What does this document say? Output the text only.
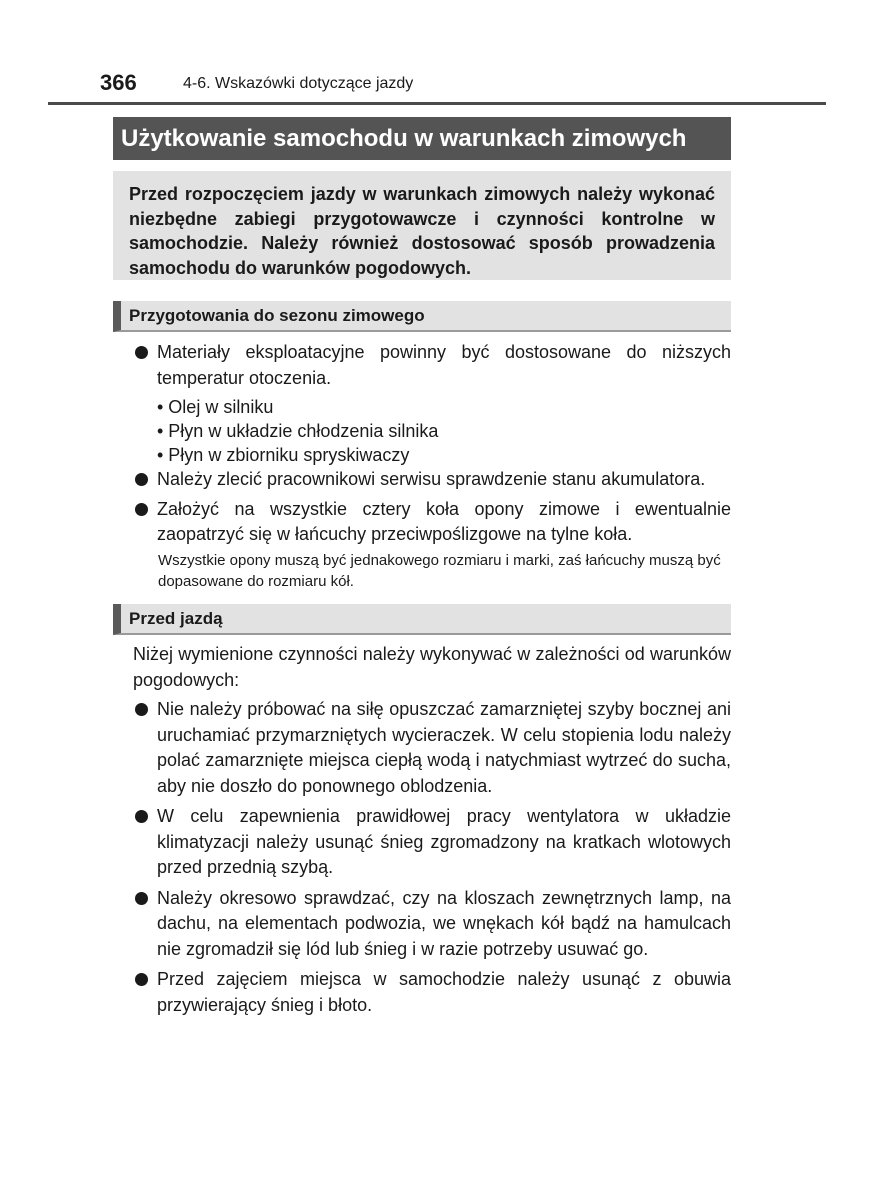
366	4-6. Wskazówki dotyczące jazdy
Użytkowanie samochodu w warunkach zimowych
Przed rozpoczęciem jazdy w warunkach zimowych należy wykonać niezbędne zabiegi przygotowawcze i czynności kontrolne w samochodzie. Należy również dostosować sposób prowadzenia samochodu do warunków pogodowych.
Przygotowania do sezonu zimowego
Materiały eksploatacyjne powinny być dostosowane do niższych temperatur otoczenia.
• Olej w silniku
• Płyn w układzie chłodzenia silnika
• Płyn w zbiorniku spryskiwaczy
Należy zlecić pracownikowi serwisu sprawdzenie stanu akumulatora.
Założyć na wszystkie cztery koła opony zimowe i ewentualnie zaopatrzyć się w łańcuchy przeciwpoślizgowe na tylne koła.
Wszystkie opony muszą być jednakowego rozmiaru i marki, zaś łańcuchy muszą być dopasowane do rozmiaru kół.
Przed jazdą
Niżej wymienione czynności należy wykonywać w zależności od warunków pogodowych:
Nie należy próbować na siłę opuszczać zamarzniętej szyby bocznej ani uruchamiać przymarzniętych wycieraczek. W celu stopienia lodu należy polać zamarznięte miejsca ciepłą wodą i natychmiast wytrzeć do sucha, aby nie doszło do ponownego oblodzenia.
W celu zapewnienia prawidłowej pracy wentylatora w układzie klimatyzacji należy usunąć śnieg zgromadzony na kratkach wlotowych przed przednią szybą.
Należy okresowo sprawdzać, czy na kloszach zewnętrznych lamp, na dachu, na elementach podwozia, we wnękach kół bądź na hamulcach nie zgromadził się lód lub śnieg i w razie potrzeby usuwać go.
Przed zajęciem miejsca w samochodzie należy usunąć z obuwia przywierający śnieg i błoto.
